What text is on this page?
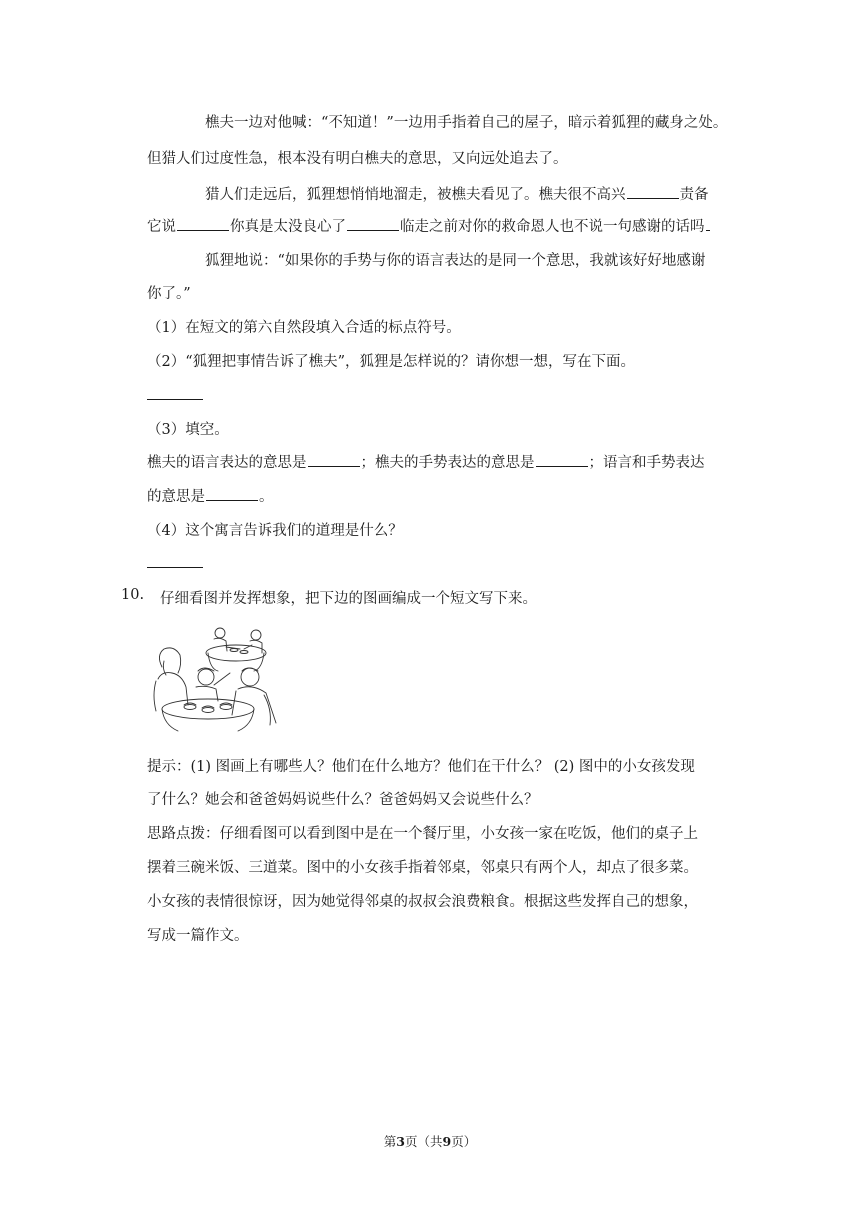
樵夫一边对他喊：“不知道！”一边用手指着自己的屋子，暗示着狐狸的藏身之处。
但猎人们过度性急，根本没有明白樵夫的意思，又向远处追去了。
猎人们走远后，狐狸想悄悄地溜走，被樵夫看见了。樵夫很不高兴	责备
它说	你真是太没良心了	临走之前对你的救命恩人也不说一句感谢的话吗
狐狸地说：“如果你的手势与你的语言表达的是同一个意思，我就该好好地感谢
你了。”
（1）在短文的第六自然段填入合适的标点符号。
（2）“狐狸把事情告诉了樵夫”，狐狸是怎样说的？请你想一想，写在下面。
（3）填空。
樵夫的语言表达的意思是	；樵夫的手势表达的意思是	；语言和手势表达
的意思是	。
（4）这个寓言告诉我们的道理是什么？
10. 仔细看图并发挥想象，把下边的图画编成一个短文写下来。
提示：(1) 图画上有哪些人？他们在什么地方？他们在干什么？ (2) 图中的小女孩发现
了什么？她会和爸爸妈妈说些什么？爸爸妈妈又会说些什么？
思路点拨：仔细看图可以看到图中是在一个餐厅里，小女孩一家在吃饭，他们的桌子上
摆着三碗米饭、三道菜。图中的小女孩手指着邻桌，邻桌只有两个人，却点了很多菜。
小女孩的表情很惊讶，因为她觉得邻桌的叔叔会浪费粮食。根据这些发挥自己的想象，
写成一篇作文。
第3页（共9页）
